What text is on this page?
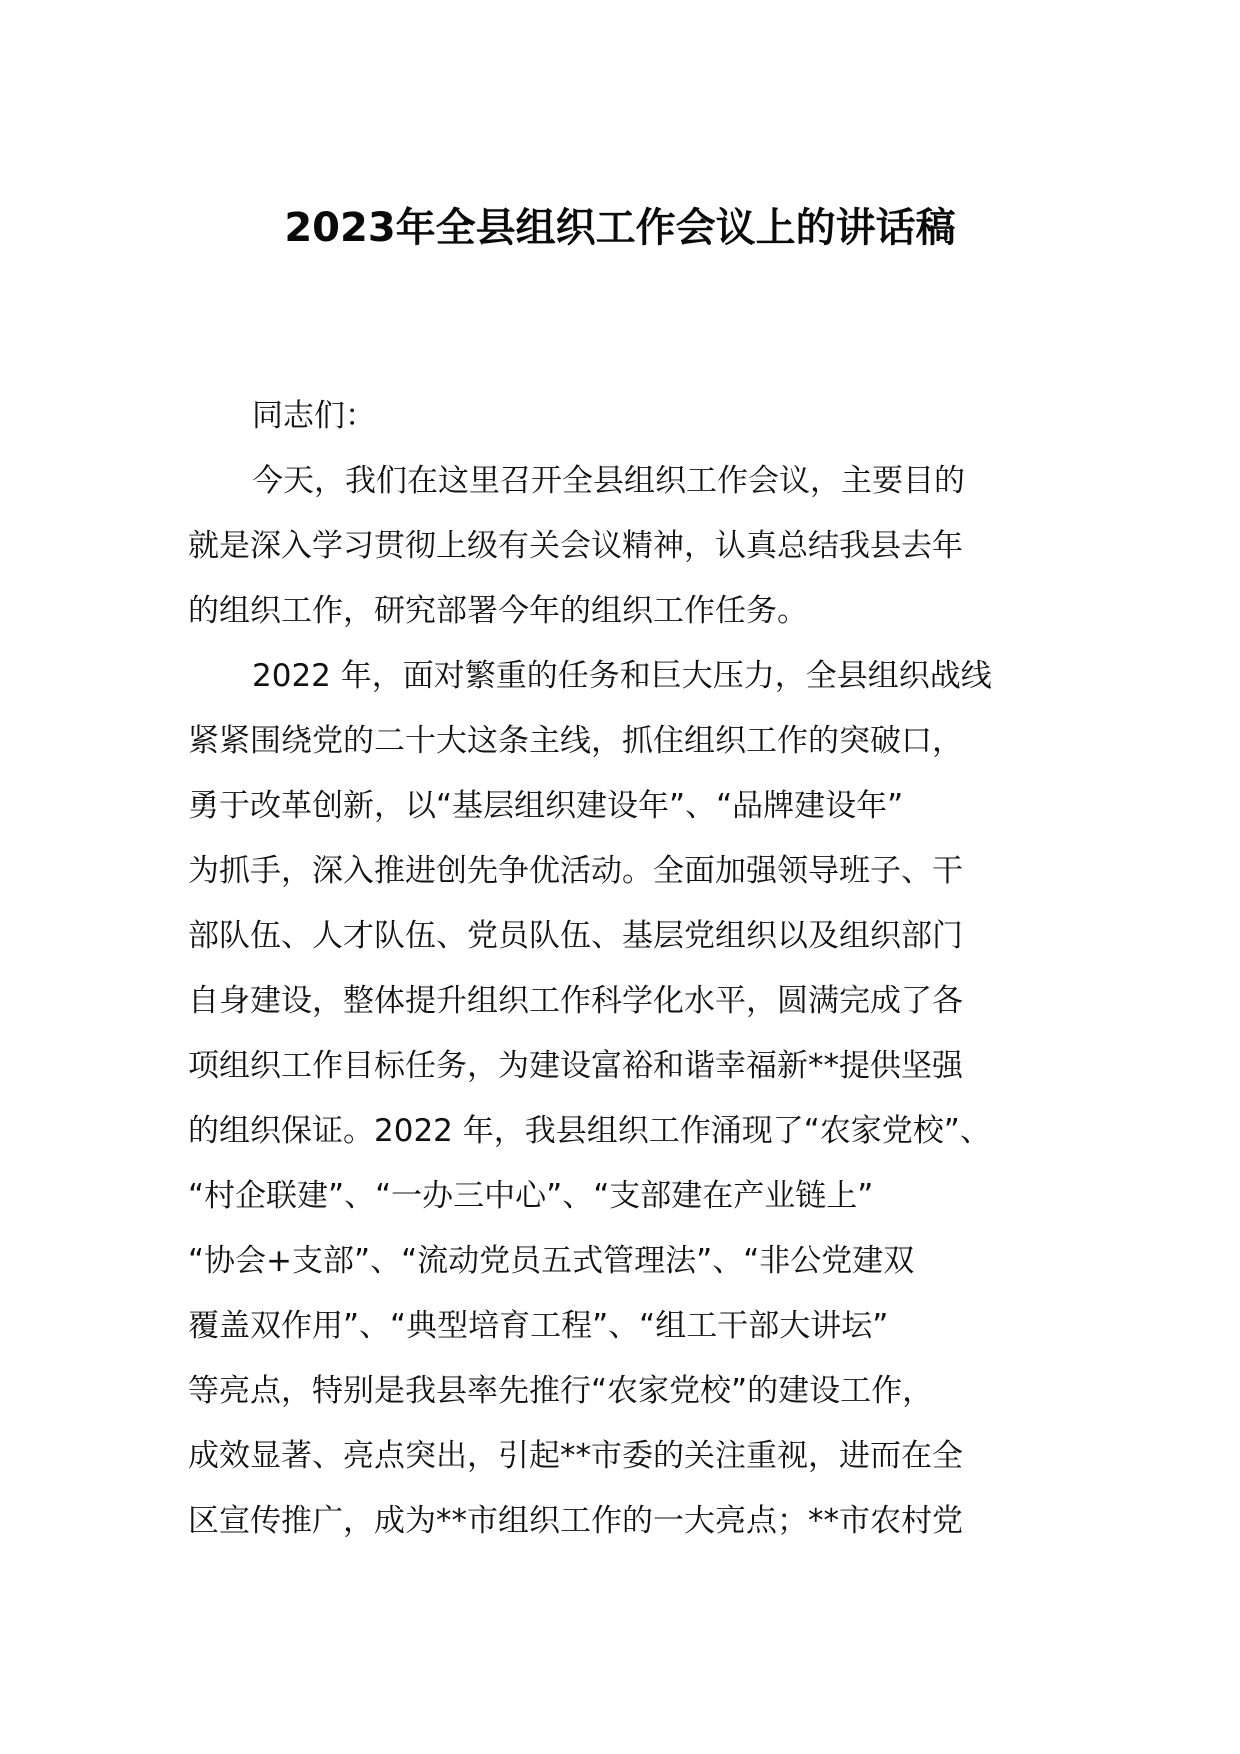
2023年全县组织工作会议上的讲话稿
同志们：
今天，我们在这里召开全县组织工作会议，主要目的
就是深入学习贯彻上级有关会议精神，认真总结我县去年
的组织工作，研究部署今年的组织工作任务。
2022 年，面对繁重的任务和巨大压力，全县组织战线
紧紧围绕党的二十大这条主线，抓住组织工作的突破口，
勇于改革创新，以“基层组织建设年”、“品牌建设年”
为抓手，深入推进创先争优活动。全面加强领导班子、干
部队伍、人才队伍、党员队伍、基层党组织以及组织部门
自身建设，整体提升组织工作科学化水平，圆满完成了各
项组织工作目标任务，为建设富裕和谐幸福新**提供坚强
的组织保证。2022 年，我县组织工作涌现了“农家党校”、
“村企联建”、“一办三中心”、“支部建在产业链上”
“协会+支部”、“流动党员五式管理法”、“非公党建双
覆盖双作用”、“典型培育工程”、“组工干部大讲坛”
等亮点，特别是我县率先推行“农家党校”的建设工作，
成效显著、亮点突出，引起**市委的关注重视，进而在全
区宣传推广，成为**市组织工作的一大亮点；**市农村党
